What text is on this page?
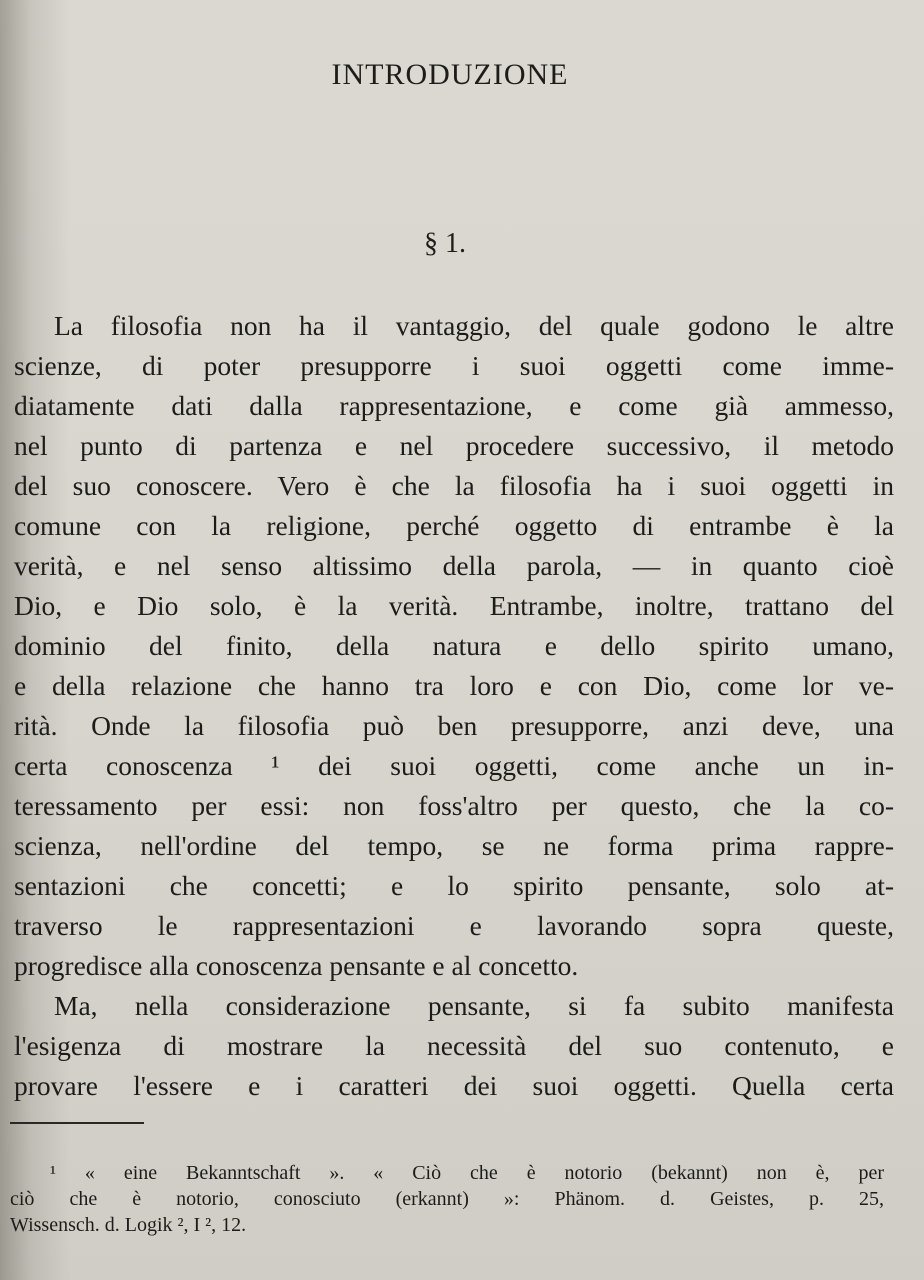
INTRODUZIONE
§ 1.
La filosofia non ha il vantaggio, del quale godono le altre
scienze, di poter presupporre i suoi oggetti come imme-
diatamente dati dalla rappresentazione, e come già ammesso,
nel punto di partenza e nel procedere successivo, il metodo
del suo conoscere. Vero è che la filosofia ha i suoi oggetti in
comune con la religione, perché oggetto di entrambe è la
verità, e nel senso altissimo della parola, — in quanto cioè
Dio, e Dio solo, è la verità. Entrambe, inoltre, trattano del
dominio del finito, della natura e dello spirito umano,
e della relazione che hanno tra loro e con Dio, come lor ve-
rità. Onde la filosofia può ben presupporre, anzi deve, una
certa conoscenza ¹ dei suoi oggetti, come anche un in-
teressamento per essi: non foss'altro per questo, che la co-
scienza, nell'ordine del tempo, se ne forma prima rappre-
sentazioni che concetti; e lo spirito pensante, solo at-
traverso le rappresentazioni e lavorando sopra queste,
progredisce alla conoscenza pensante e al concetto.
Ma, nella considerazione pensante, si fa subito manifesta
l'esigenza di mostrare la necessità del suo contenuto, e
provare l'essere e i caratteri dei suoi oggetti. Quella certa
¹ « eine Bekanntschaft ». « Ciò che è notorio (bekannt) non è, per
ciò che è notorio, conosciuto (erkannt) »: Phänom. d. Geistes, p. 25,
Wissensch. d. Logik ², I ², 12.
